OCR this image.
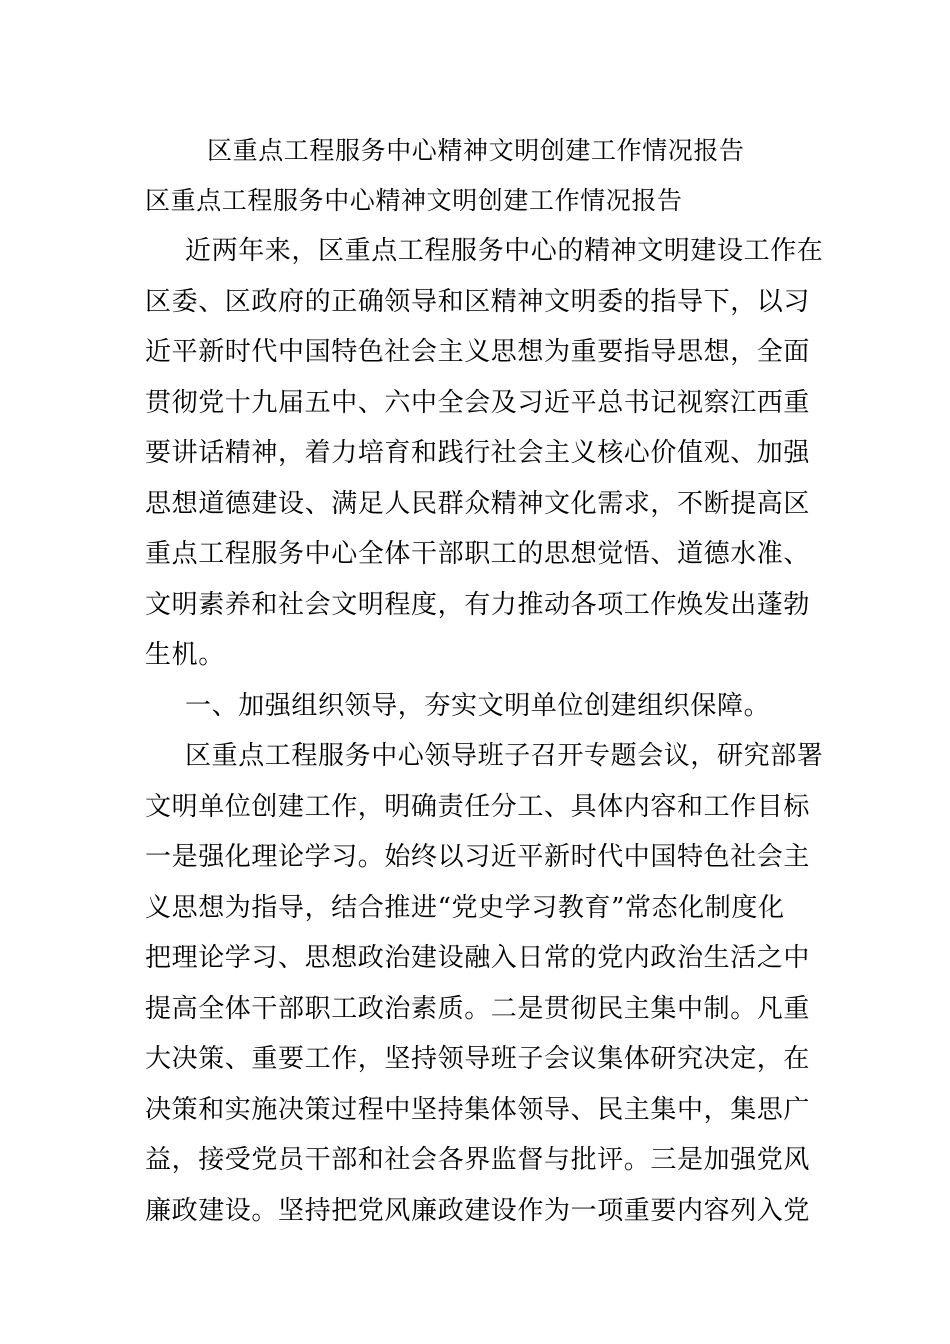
区重点工程服务中心精神文明创建工作情况报告
区重点工程服务中心精神文明创建工作情况报告
近两年来，区重点工程服务中心的精神文明建设工作在
区委、区政府的正确领导和区精神文明委的指导下，以习
近平新时代中国特色社会主义思想为重要指导思想，全面
贯彻党十九届五中、六中全会及习近平总书记视察江西重
要讲话精神，着力培育和践行社会主义核心价值观、加强
思想道德建设、满足人民群众精神文化需求，不断提高区
重点工程服务中心全体干部职工的思想觉悟、道德水准、
文明素养和社会文明程度，有力推动各项工作焕发出蓬勃
生机。
一、加强组织领导，夯实文明单位创建组织保障。
区重点工程服务中心领导班子召开专题会议，研究部署
文明单位创建工作，明确责任分工、具体内容和工作目标
一是强化理论学习。始终以习近平新时代中国特色社会主
义思想为指导，结合推进“党史学习教育”常态化制度化
把理论学习、思想政治建设融入日常的党内政治生活之中
提高全体干部职工政治素质。二是贯彻民主集中制。凡重
大决策、重要工作，坚持领导班子会议集体研究决定，在
决策和实施决策过程中坚持集体领导、民主集中，集思广
益，接受党员干部和社会各界监督与批评。三是加强党风
廉政建设。坚持把党风廉政建设作为一项重要内容列入党
